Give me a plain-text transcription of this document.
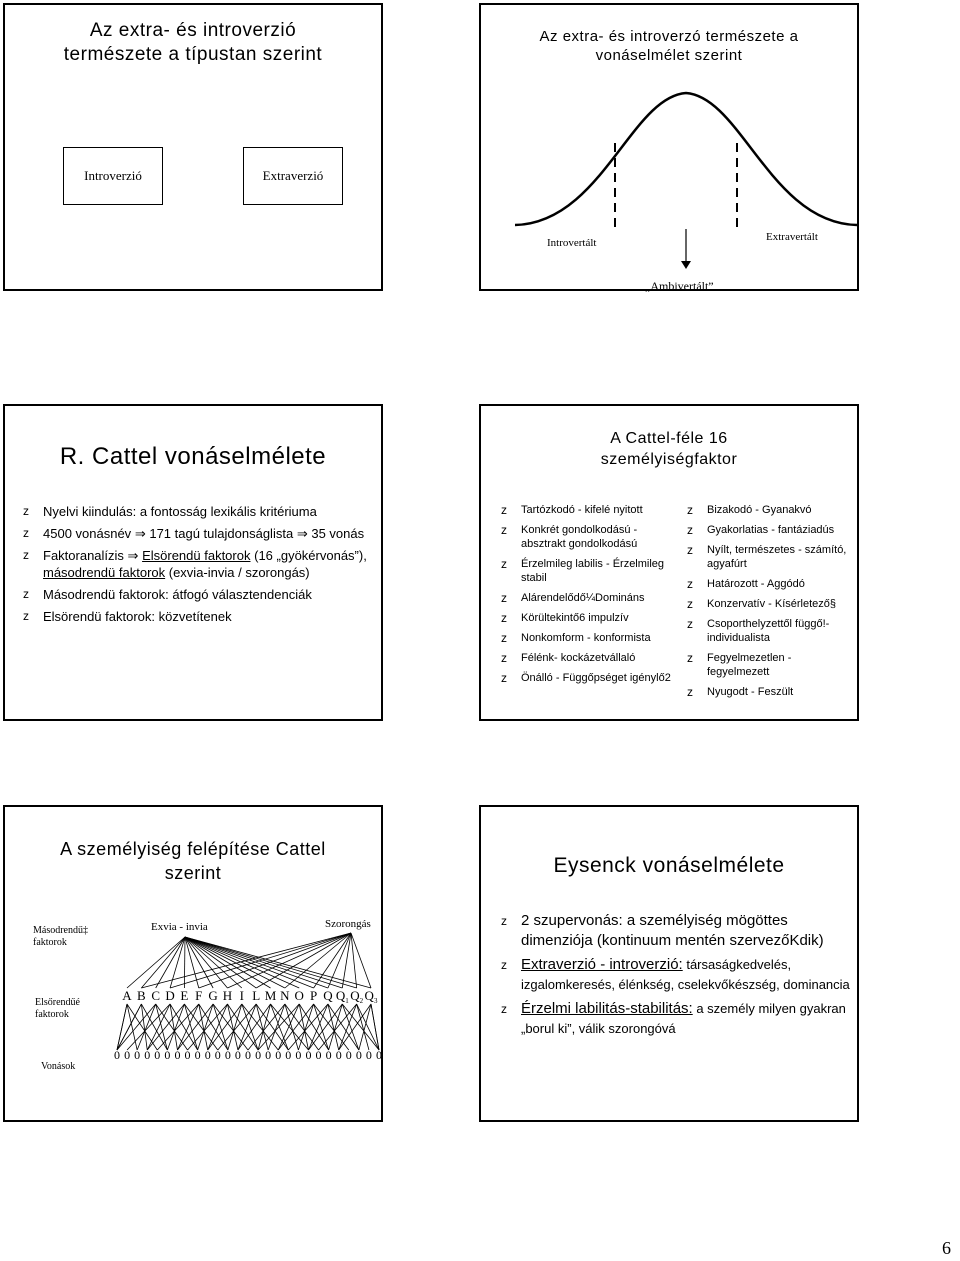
Az extra- és introverzió
természete a típustan szerint
Introverzió	Extraverzió
Az extra- és introverzó természete a
vonáselmélet szerint
Introvertált	Extravertált
„Ambivertált”
R. Cattel vonáselmélete
z Nyelvi kiindulás: a fontosság lexikális kritériuma
z 4500 vonásnév ⇒ 171 tagú tulajdonságlista ⇒ 35 vonás
z Faktoranalízis ⇒ Elsörendü faktorok (16 „gyökérvonás”), másodrendü faktorok (exvia-invia / szorongás)
z Másodrendü faktorok: átfogó választendenciák
z Elsörendü faktorok: közvetítenek
A Cattel-féle 16
személyiségfaktor
z Tartózkodó - kifelé nyitott
z Konkrét gondolkodású - absztrakt gondolkodású
z Érzelmileg labilis - Érzelmileg stabil
z Alárendelődő¼Domináns
z Körültekintő6 impulzív
z Nonkomform - konformista
z Félénk- kockázetvállaló
z Önálló - Függőpséget igénylő2
z Bizakodó - Gyanakvó
z Gyakorlatias - fantáziadús
z Nyílt, természetes - számító, agyafúrt
z Határozott - Aggódó
z Konzervatív - Kísérletező§
z Csoporthelyzettől függő!- individualista
z Fegyelmezetlen - fegyelmezett
z Nyugodt - Feszült
A személyiség felépítése Cattel
szerint
Másodrendű‡
faktorok
Elsőrendűé
faktorok
Vonások
Exvia - invia	Szorongás
A B C D E F G H I L M N O P Q $Q_1$ $Q_2$ $Q_3$
0 0 0 0 0 0 0 0 0 0 0 0 0 0 0 0 0 0 0 0 0 0 0 0 0 0 0
Eysenck vonáselmélete
z 2 szupervonás: a személyiség mögöttes dimenziója (kontinuum mentén szervezőKdik)
z Extraverzió - introverzió: társaságkedvelés, izgalomkeresés, élénkség, cselekvőkészség, dominancia
z Érzelmi labilitás-stabilitás: a személy milyen gyakran „borul ki”, válik szorongóvá
6
